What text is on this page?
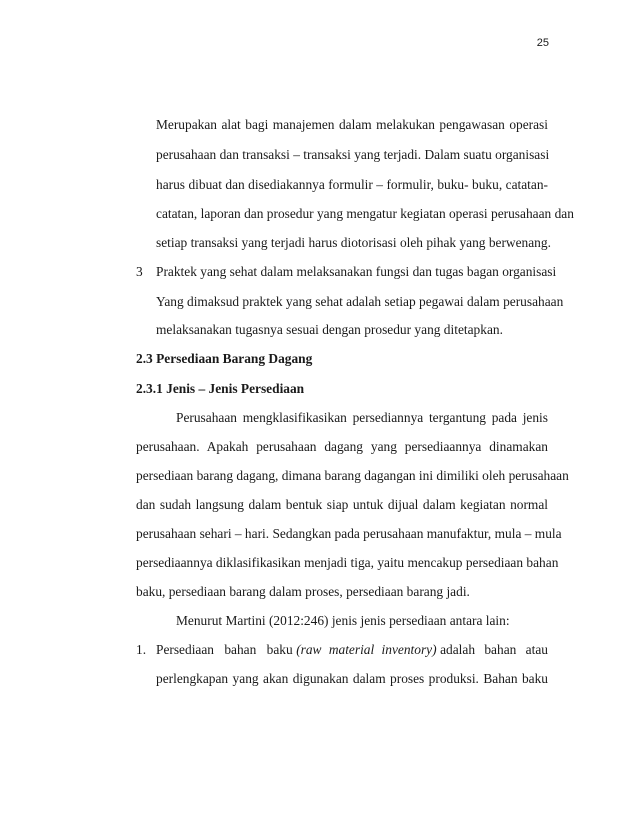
25
Merupakan alat bagi manajemen dalam melakukan pengawasan operasi
perusahaan dan transaksi – transaksi yang terjadi. Dalam suatu organisasi
harus dibuat dan disediakannya formulir – formulir, buku- buku, catatan-
catatan, laporan dan prosedur yang mengatur kegiatan operasi perusahaan dan
setiap transaksi yang terjadi harus diotorisasi oleh pihak yang berwenang.
3 Praktek yang sehat dalam melaksanakan fungsi dan tugas bagan organisasi
Yang dimaksud praktek yang sehat adalah setiap pegawai dalam perusahaan
melaksanakan tugasnya sesuai dengan prosedur yang ditetapkan.
2.3 Persediaan Barang Dagang
2.3.1 Jenis – Jenis Persediaan
Perusahaan mengklasifikasikan persediannya tergantung pada jenis
perusahaan. Apakah perusahaan dagang yang persediaannya dinamakan
persediaan barang dagang, dimana barang dagangan ini dimiliki oleh perusahaan
dan sudah langsung dalam bentuk siap untuk dijual dalam kegiatan normal
perusahaan sehari – hari. Sedangkan pada perusahaan manufaktur, mula – mula
persediaannya diklasifikasikan menjadi tiga, yaitu mencakup persediaan bahan
baku, persediaan barang dalam proses, persediaan barang jadi.
Menurut Martini (2012:246) jenis jenis persediaan antara lain:
1. Persediaan bahan baku (raw material inventory) adalah bahan atau
perlengkapan yang akan digunakan dalam proses produksi. Bahan baku
